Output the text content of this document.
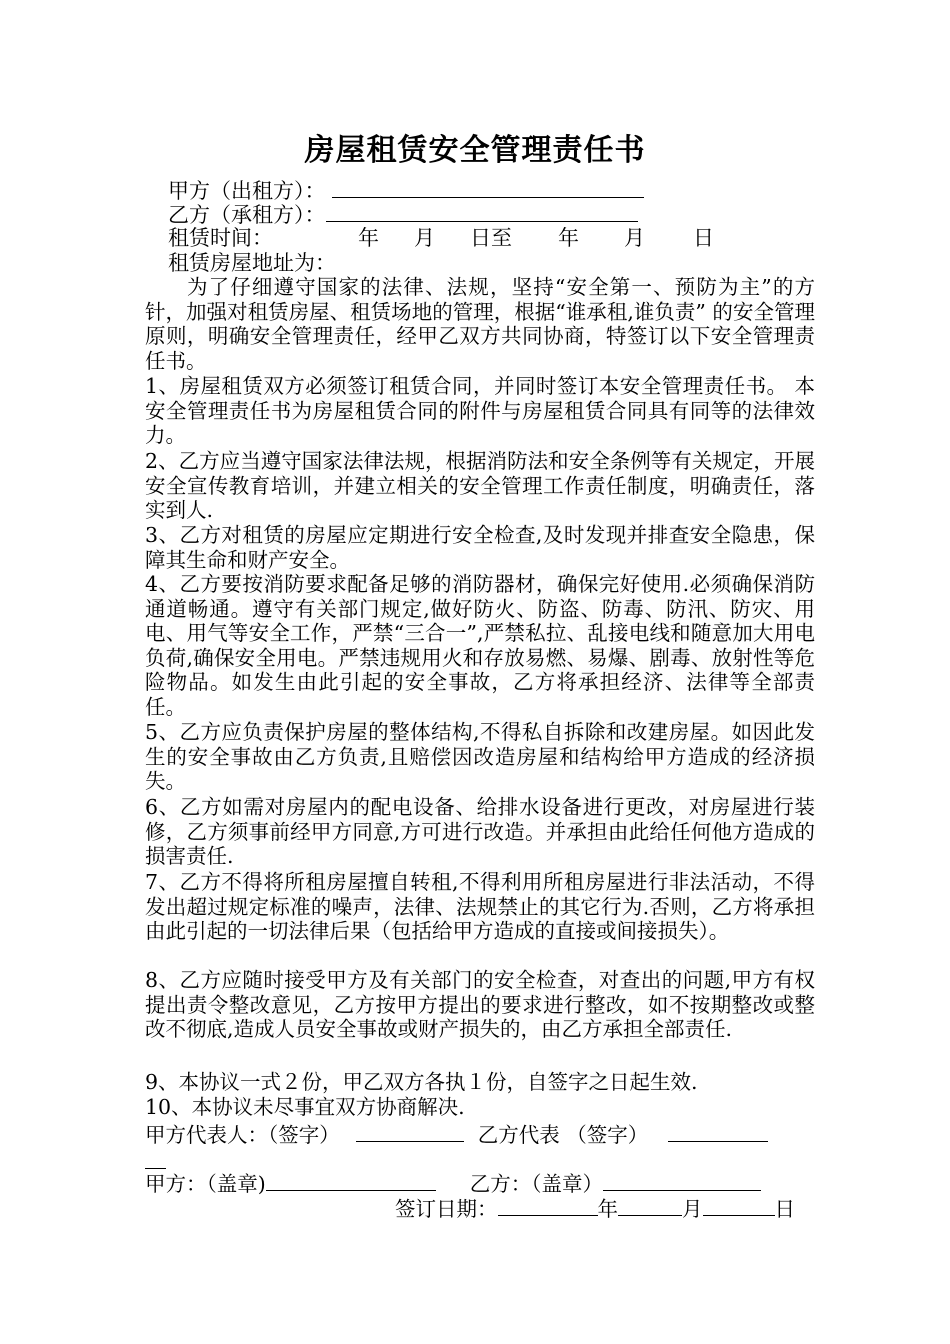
房屋租赁安全管理责任书
甲方（出租方）：
乙方（承租方）：
租赁时间：	年 月 日至 年 月 日
租赁房屋地址为：
为了仔细遵守国家的法律、法规，坚持“安全第一、预防为主”的方针，加强对租赁房屋、租赁场地的管理，根据“谁承租,谁负责” 的安全管理原则，明确安全管理责任，经甲乙双方共同协商，特签订以下安全管理责任书。
1、房屋租赁双方必须签订租赁合同，并同时签订本安全管理责任书。 本安全管理责任书为房屋租赁合同的附件与房屋租赁合同具有同等的法律效力。
2、乙方应当遵守国家法律法规，根据消防法和安全条例等有关规定，开展安全宣传教育培训，并建立相关的安全管理工作责任制度，明确责任，落实到人.
3、乙方对租赁的房屋应定期进行安全检查,及时发现并排查安全隐患，保障其生命和财产安全。
4、乙方要按消防要求配备足够的消防器材，确保完好使用.必须确保消防通道畅通。遵守有关部门规定,做好防火、防盗、防毒、防汛、防灾、用电、用气等安全工作，严禁“三合一”,严禁私拉、乱接电线和随意加大用电负荷,确保安全用电。严禁违规用火和存放易燃、易爆、剧毒、放射性等危险物品。如发生由此引起的安全事故，乙方将承担经济、法律等全部责任。
5、乙方应负责保护房屋的整体结构,不得私自拆除和改建房屋。如因此发生的安全事故由乙方负责,且赔偿因改造房屋和结构给甲方造成的经济损失。
6、乙方如需对房屋内的配电设备、给排水设备进行更改，对房屋进行装修，乙方须事前经甲方同意,方可进行改造。并承担由此给任何他方造成的损害责任.
7、乙方不得将所租房屋擅自转租,不得利用所租房屋进行非法活动，不得发出超过规定标准的噪声，法律、法规禁止的其它行为.否则，乙方将承担由此引起的一切法律后果（包括给甲方造成的直接或间接损失）。
8、乙方应随时接受甲方及有关部门的安全检查，对查出的问题,甲方有权提出责令整改意见，乙方按甲方提出的要求进行整改，如不按期整改或整改不彻底,造成人员安全事故或财产损失的，由乙方承担全部责任.
9、本协议一式２份，甲乙双方各执１份，自签字之日起生效.
10、本协议未尽事宜双方协商解决.
甲方代表人：（签字）	乙方代表 （签字）
甲方：（盖章)	乙方：（盖章）
签订日期：	年	月	日
